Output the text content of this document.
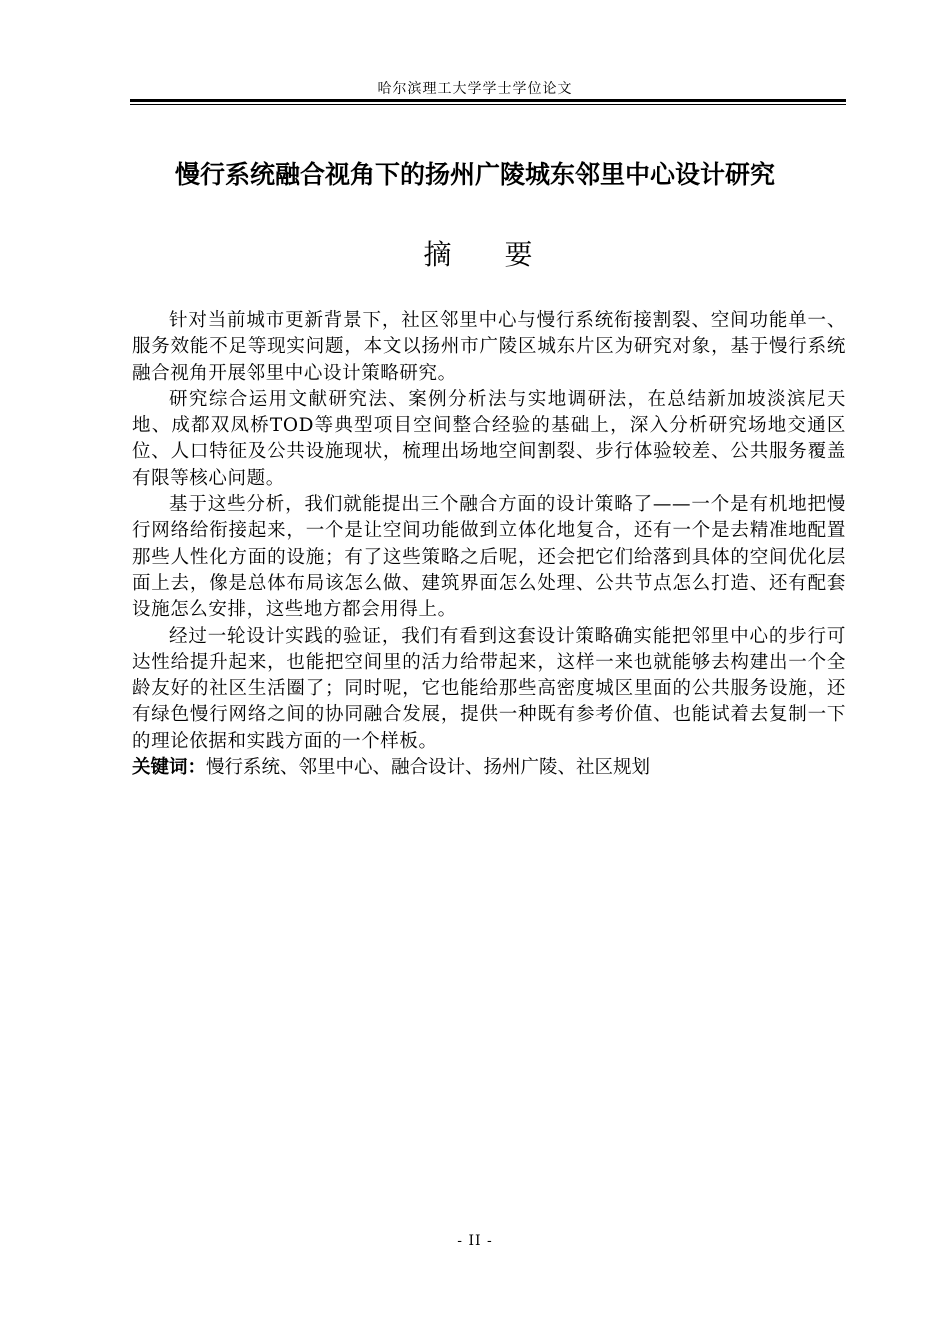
哈尔滨理工大学学士学位论文
慢行系统融合视角下的扬州广陵城东邻里中心设计研究
摘 要

针对当前城市更新背景下，社区邻里中心与慢行系统衔接割裂、空间功能单一、服务效能不足等现实问题，本文以扬州市广陵区城东片区为研究对象，基于慢行系统融合视角开展邻里中心设计策略研究。

研究综合运用文献研究法、案例分析法与实地调研法，在总结新加坡淡滨尼天地、成都双凤桥TOD等典型项目空间整合经验的基础上，深入分析研究场地交通区位、人口特征及公共设施现状，梳理出场地空间割裂、步行体验较差、公共服务覆盖有限等核心问题。

基于这些分析，我们就能提出三个融合方面的设计策略了——一个是有机地把慢行网络给衔接起来，一个是让空间功能做到立体化地复合，还有一个是去精准地配置那些人性化方面的设施；有了这些策略之后呢，还会把它们给落到具体的空间优化层面上去，像是总体布局该怎么做、建筑界面怎么处理、公共节点怎么打造、还有配套设施怎么安排，这些地方都会用得上。

经过一轮设计实践的验证，我们有看到这套设计策略确实能把邻里中心的步行可达性给提升起来，也能把空间里的活力给带起来，这样一来也就能够去构建出一个全龄友好的社区生活圈了；同时呢，它也能给那些高密度城区里面的公共服务设施，还有绿色慢行网络之间的协同融合发展，提供一种既有参考价值、也能试着去复制一下的理论依据和实践方面的一个样板。

关键词：慢行系统、邻里中心、融合设计、扬州广陵、社区规划

- II -
